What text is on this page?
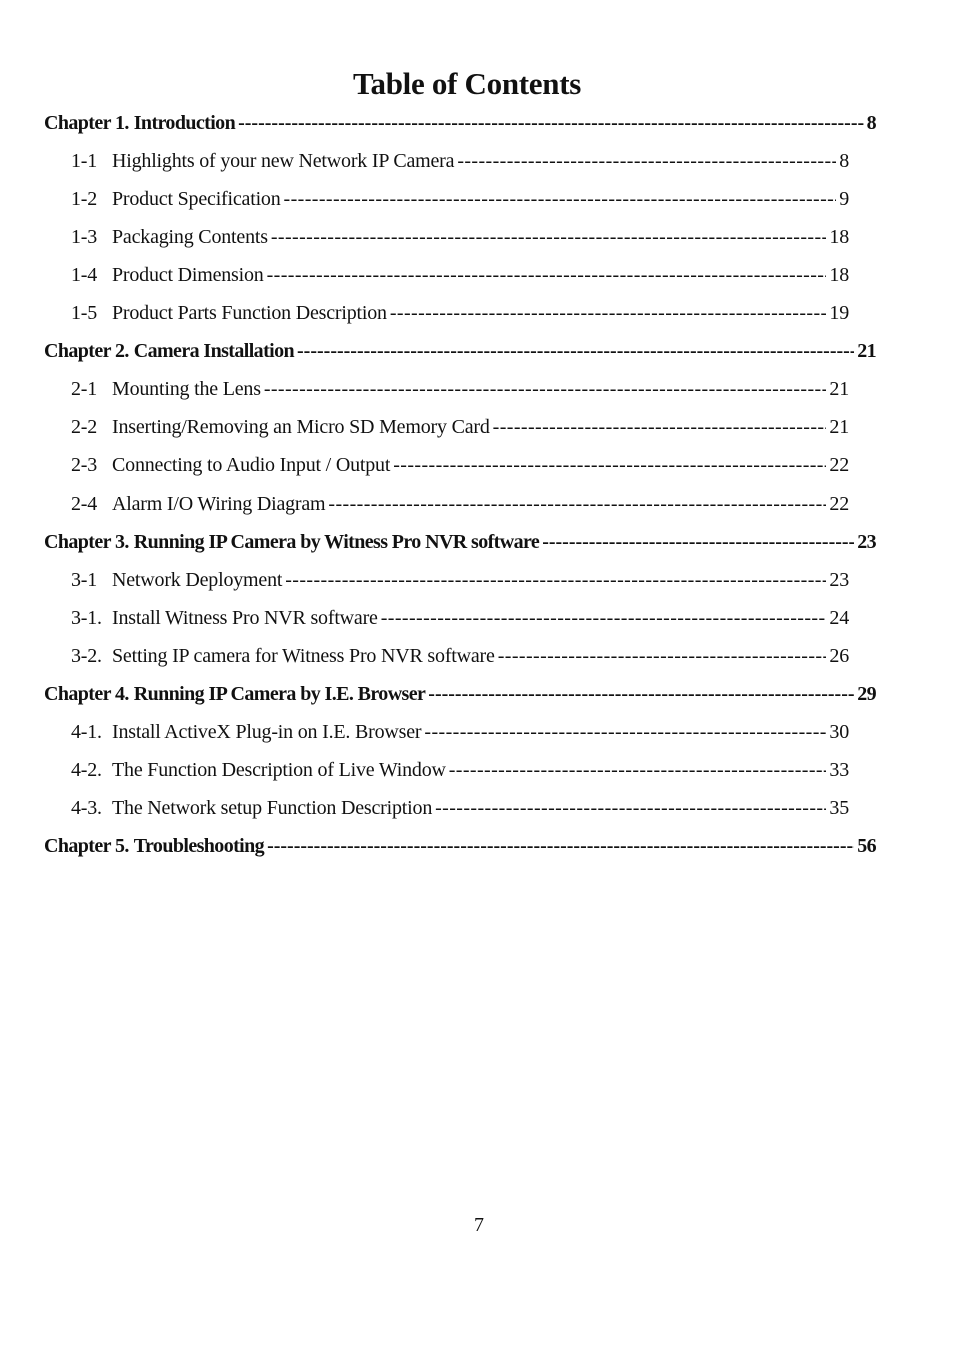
Table of Contents
Chapter 1. Introduction -----	8
1-1 Highlights of your new Network IP Camera -----	8
1-2 Product Specification -----	9
1-3 Packaging Contents -----	18
1-4 Product Dimension -----	18
1-5 Product Parts Function Description -----	19
Chapter 2. Camera Installation -----	21
2-1 Mounting the Lens -----	21
2-2 Inserting/Removing an Micro SD Memory Card -----	21
2-3 Connecting to Audio Input / Output -----	22
2-4 Alarm I/O Wiring Diagram -----	22
Chapter 3. Running IP Camera by Witness Pro NVR software -----	23
3-1 Network Deployment -----	23
3-1. Install Witness Pro NVR software -----	24
3-2. Setting IP camera for Witness Pro NVR software -----	26
Chapter 4. Running IP Camera by I.E. Browser -----	29
4-1. Install ActiveX Plug-in on I.E. Browser -----	30
4-2. The Function Description of Live Window -----	33
4-3. The Network setup Function Description -----	35
Chapter 5. Troubleshooting -----	56
7
